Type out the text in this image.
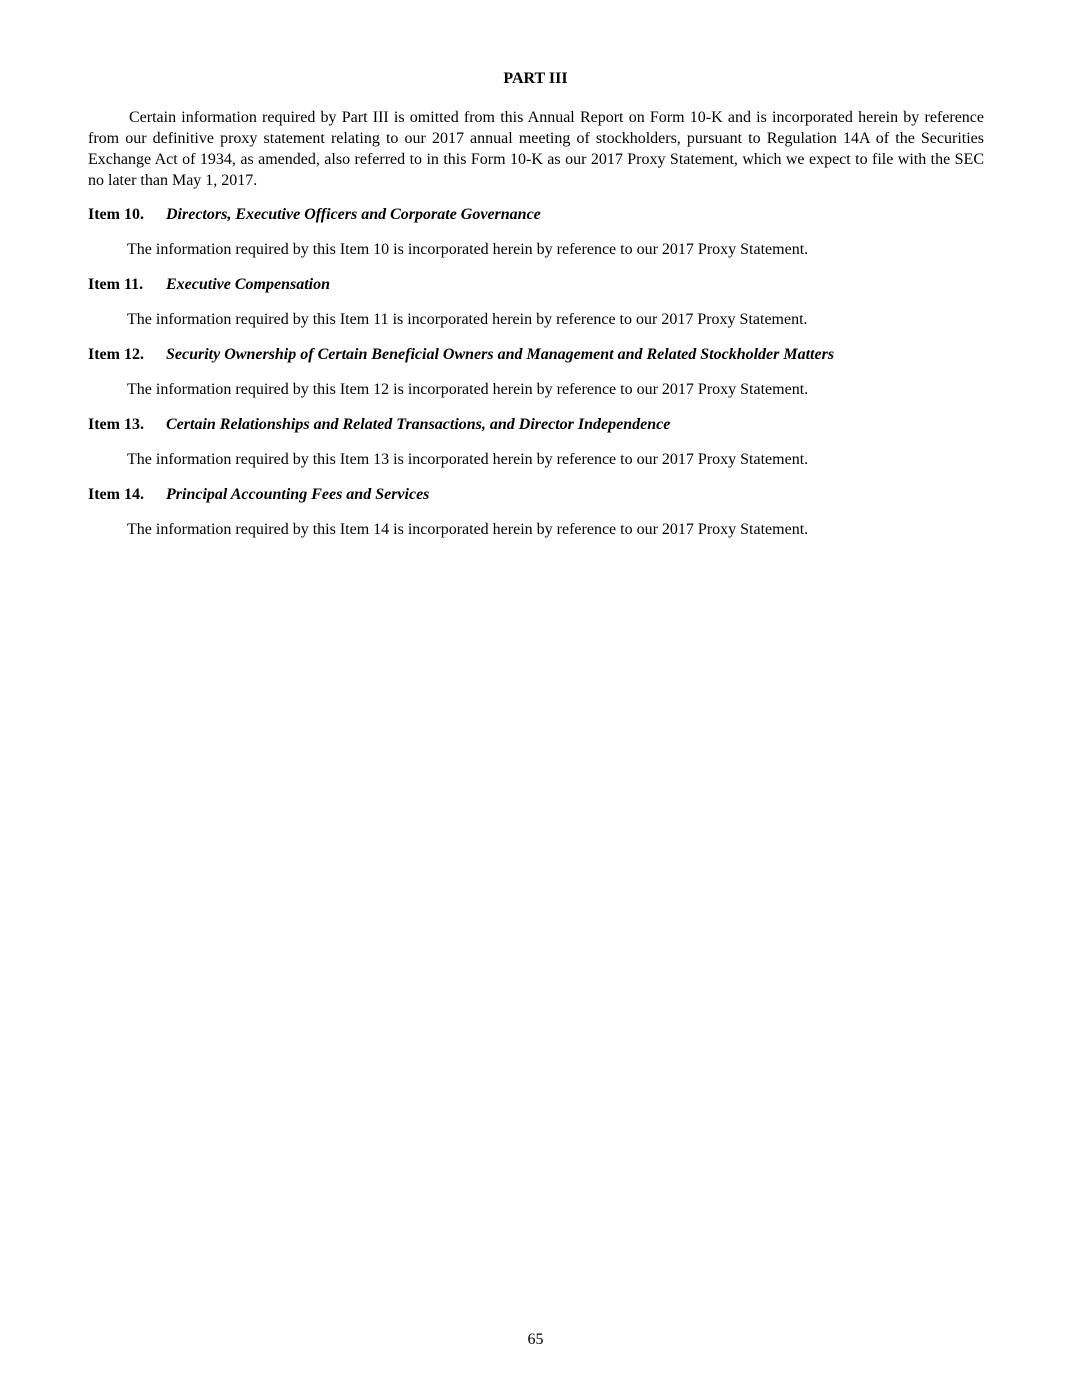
PART III

Certain information required by Part III is omitted from this Annual Report on Form 10-K and is incorporated herein by reference from our definitive proxy statement relating to our 2017 annual meeting of stockholders, pursuant to Regulation 14A of the Securities Exchange Act of 1934, as amended, also referred to in this Form 10-K as our 2017 Proxy Statement, which we expect to file with the SEC no later than May 1, 2017.

Item 10. Directors, Executive Officers and Corporate Governance
The information required by this Item 10 is incorporated herein by reference to our 2017 Proxy Statement.
Item 11. Executive Compensation
The information required by this Item 11 is incorporated herein by reference to our 2017 Proxy Statement.
Item 12. Security Ownership of Certain Beneficial Owners and Management and Related Stockholder Matters
The information required by this Item 12 is incorporated herein by reference to our 2017 Proxy Statement.
Item 13. Certain Relationships and Related Transactions, and Director Independence
The information required by this Item 13 is incorporated herein by reference to our 2017 Proxy Statement.
Item 14. Principal Accounting Fees and Services
The information required by this Item 14 is incorporated herein by reference to our 2017 Proxy Statement.
65
